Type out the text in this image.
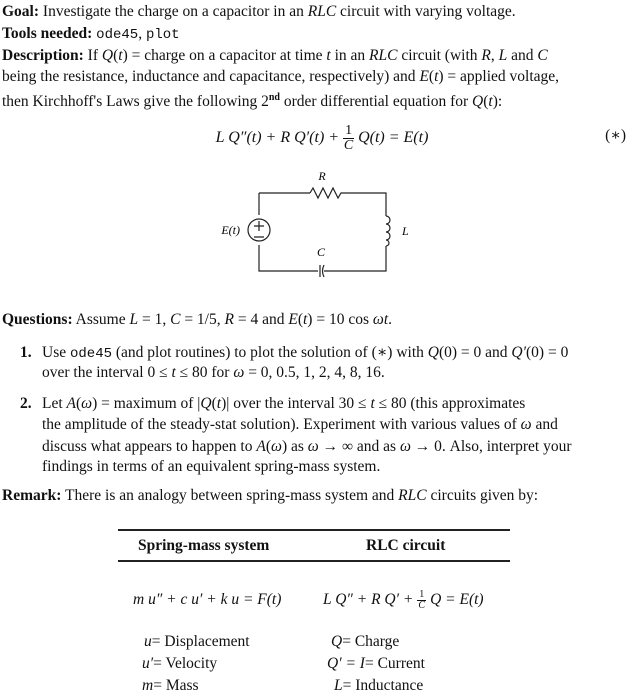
Goal: Investigate the charge on a capacitor in an RLC circuit with varying voltage.
Tools needed: ode45, plot
Description: If Q(t) = charge on a capacitor at time t in an RLC circuit (with R, L and C
being the resistance, inductance and capacitance, respectively) and E(t) = applied voltage,
then Kirchhoff's Laws give the following 2nd order differential equation for Q(t):
L Q″(t) + R $Q'(t) + \frac{1}{C} Q(t) = E(t)$	(∗)
R
E(t)	L
C
Questions: Assume L = 1, C = 1/5, R = 4 and E(t) = 10 cos ωt.
1. Use ode45 (and plot routines) to plot the solution of (∗) with Q(0) = 0 and Q′(0) = 0
over the interval 0 ≤ t ≤ 80 for ω = 0, 0.5, 1, 2, 4, 8, 16.
2. Let A(ω) = maximum of |Q(t)| over the interval 30 ≤ t ≤ 80 (this approximates
the amplitude of the steady-stat solution). Experiment with various values of ω and
discuss what appears to happen to A(ω) as ω → ∞ and as ω → 0. Also, interpret your
findings in terms of an equivalent spring-mass system.
Remark: There is an analogy between spring-mass system and RLC circuits given by:
Spring-mass system	RLC circuit
m u″ + c u′ + k u = F(t)	L Q″ + R $Q' + \frac{1}{C}$ Q = E(t)
u= Displacement	Q= Charge
u′= Velocity	Q′ = I= Current
m= Mass	L= Inductance
